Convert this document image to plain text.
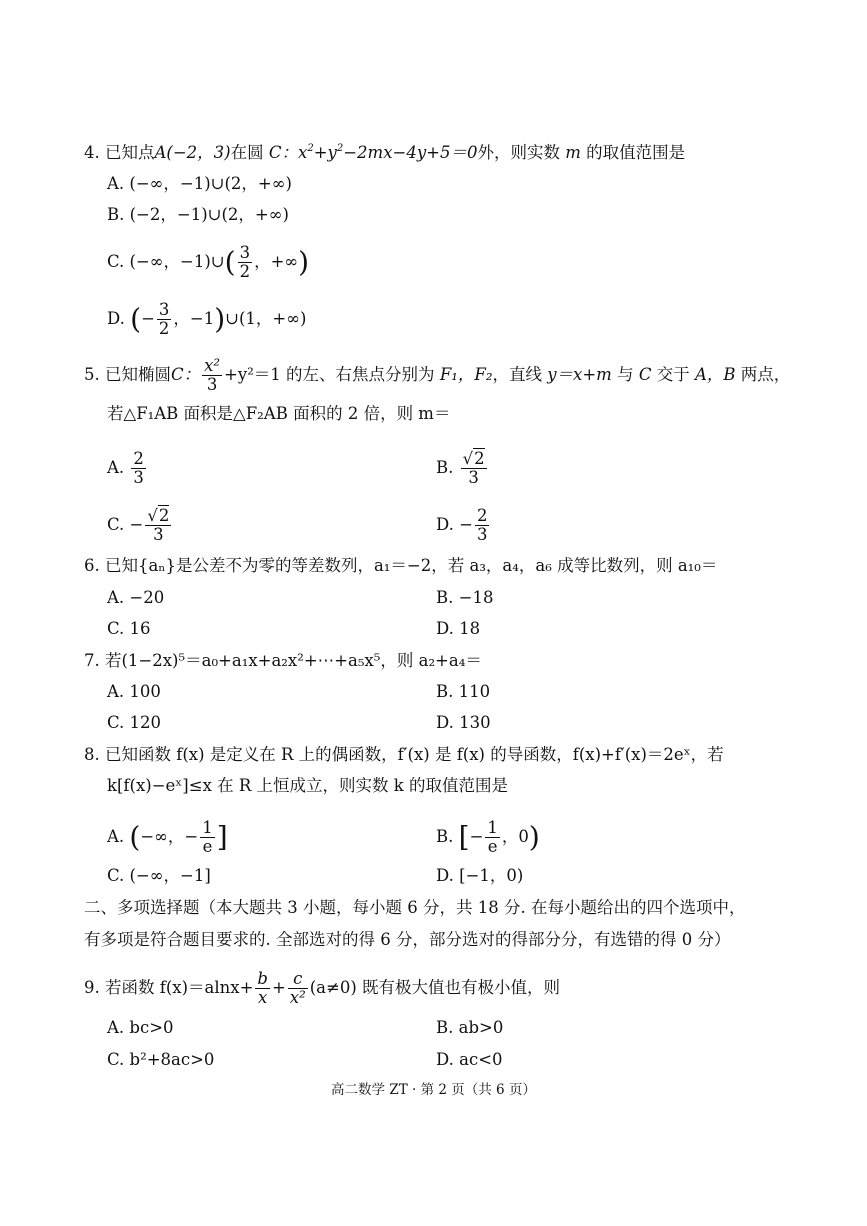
4. 已知点A(−2，3)在圆 C：$x^2+y^2-2mx-4y+5=0$外，则实数 m 的取值范围是
A. (−∞，−1)∪(2，+∞)
B. (−2，−1)∪(2，+∞)
C. (−∞，−1)∪( $\frac{3}{2}$ ，+∞)
D. (− $\frac{3}{2}$ ，−1)∪(1，+∞)
5. 已知椭圆C： $\frac{\text{x²}}{3} +y^2=1$ 的左、右焦点分别为 F₁，F₂，直线 y＝x+m 与 C 交于 A，B 两点，
若△F₁AB 面积是△F₂AB 面积的 2 倍，则 m＝
A. $\frac{2}{3}$	B. $\frac{√2}{3}$
C. − $\frac{√2}{3}$	D. − $\frac{2}{3}$
6. 已知{aₙ}是公差不为零的等差数列，a₁＝−2，若 a₃，a₄，a₆ 成等比数列，则 a₁₀＝
A. −20	B. −18
C. 16	D. 18
7. 若(1−2x)⁵＝a₀+a₁x+a₂x²+⋯+a₅x⁵，则 a₂+a₄＝
A. 100	B. 110
C. 120	D. 130
8. 已知函数 f(x) 是定义在 R 上的偶函数，f′(x) 是 f(x) 的导函数，f(x)+f′(x)＝2eˣ，若
k[f(x)−eˣ]≤x 在 R 上恒成立，则实数 k 的取值范围是
A. (−∞，− $\frac{1}{e}$ ]	B. [− $\frac{1}{e}$ ，0)
C. (−∞，−1]	D. [−1，0)
二、多项选择题（本大题共 3 小题，每小题 6 分，共 18 分. 在每小题给出的四个选项中，
有多项是符合题目要求的. 全部选对的得 6 分，部分选对的得部分分，有选错的得 0 分）
9. 若函数 $f(x)=alnx+ \frac{b}{x} + \frac{c}{\text{x²}} (a\ne 0)$ 既有极大值也有极小值，则
A. bc>0	B. ab>0
C. b²+8ac>0	D. ac<0
高二数学 ZT · 第 2 页（共 6 页）
